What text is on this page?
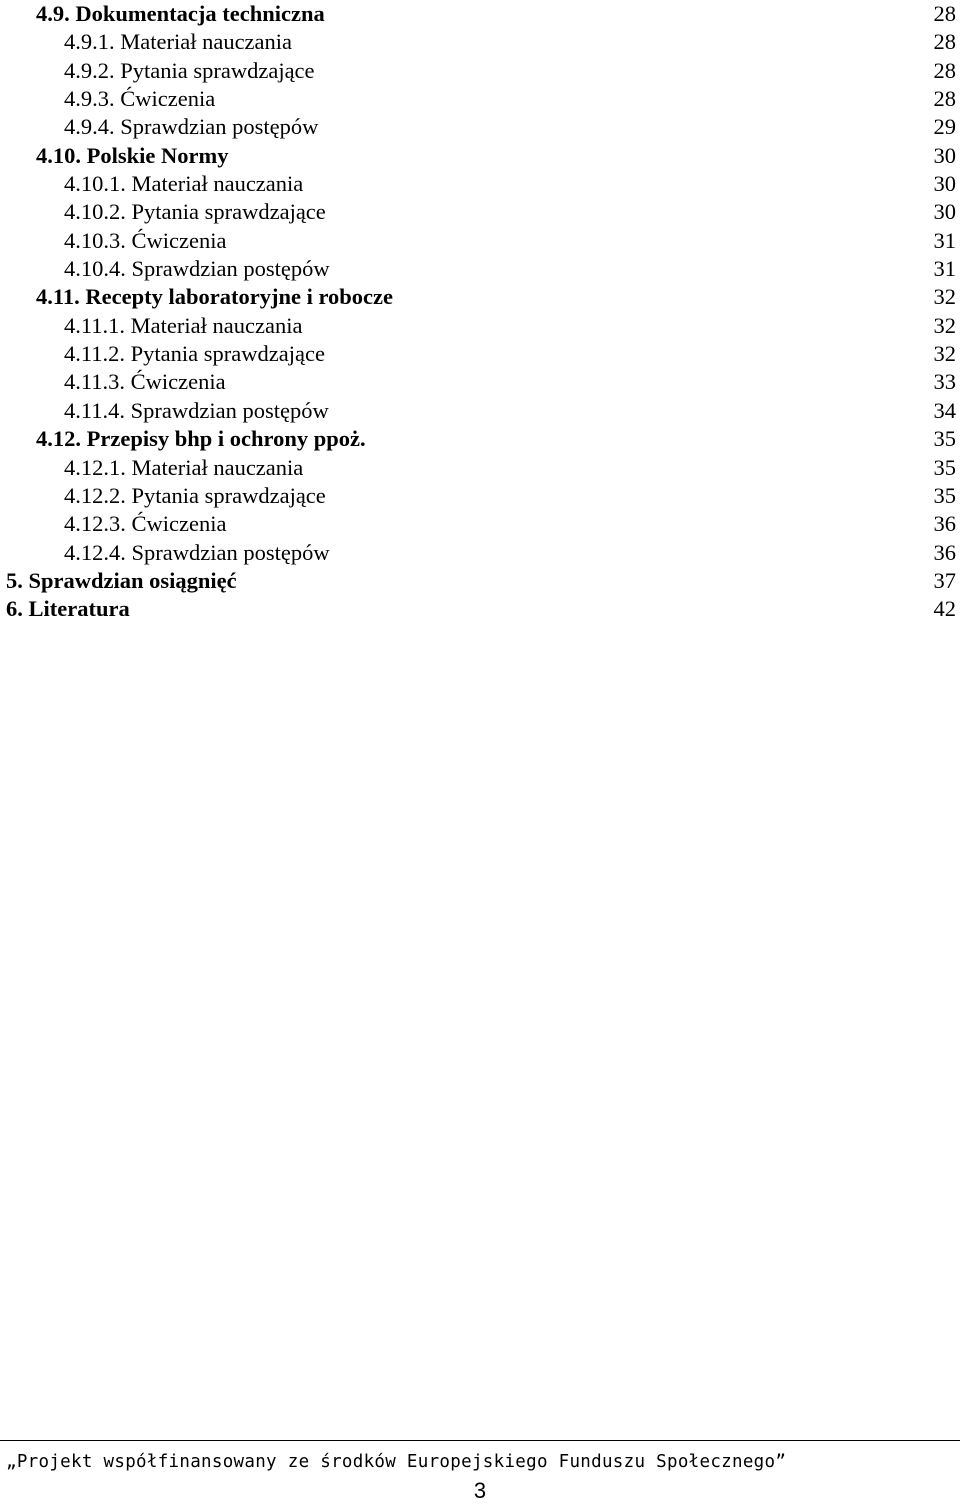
4.9. Dokumentacja techniczna	28
4.9.1. Materiał nauczania	28
4.9.2. Pytania sprawdzające	28
4.9.3. Ćwiczenia	28
4.9.4. Sprawdzian postępów	29
4.10. Polskie Normy	30
4.10.1. Materiał nauczania	30
4.10.2. Pytania sprawdzające	30
4.10.3. Ćwiczenia	31
4.10.4. Sprawdzian postępów	31
4.11. Recepty laboratoryjne i robocze	32
4.11.1. Materiał nauczania	32
4.11.2. Pytania sprawdzające	32
4.11.3. Ćwiczenia	33
4.11.4. Sprawdzian postępów	34
4.12. Przepisy bhp i ochrony ppoż.	35
4.12.1. Materiał nauczania	35
4.12.2. Pytania sprawdzające	35
4.12.3. Ćwiczenia	36
4.12.4. Sprawdzian postępów	36
5. Sprawdzian osiągnięć	37
6. Literatura	42
„Projekt współfinansowany ze środków Europejskiego Funduszu Społecznego”
3
